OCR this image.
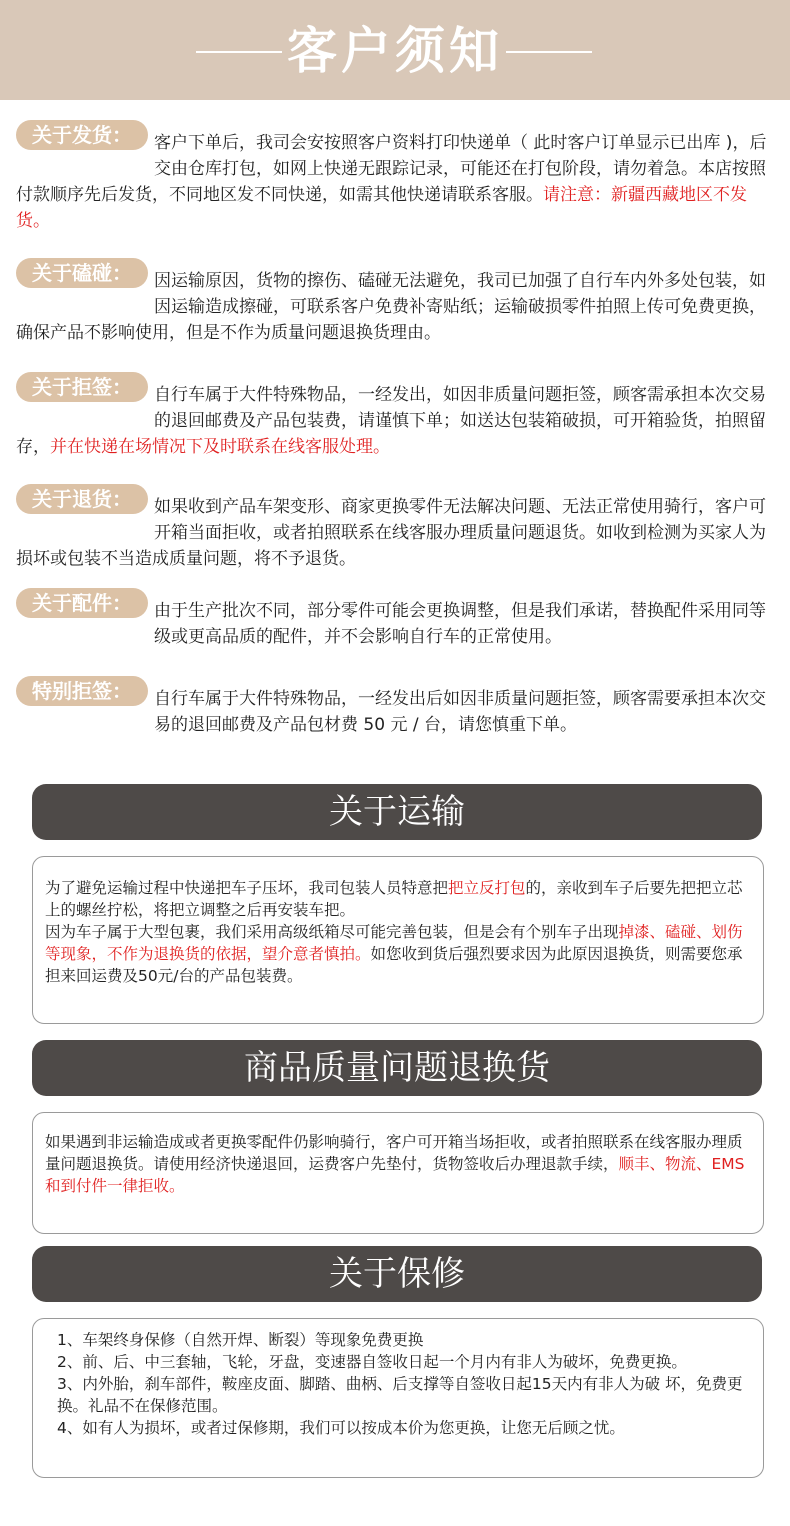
客户须知
关于发货：	客户下单后，我司会安按照客户资料打印快递单（ 此时客户订单显示已出库 )，后交由仓库打包，如网上快递无跟踪记录，可能还在打包阶段，请勿着急。本店按照付款顺序先后发货，不同地区发不同快递，如需其他快递请联系客服。请注意：新疆西藏地区不发货。
关于磕碰：	因运输原因，货物的擦伤、磕碰无法避免，我司已加强了自行车内外多处包装，如因运输造成擦碰，可联系客户免费补寄贴纸；运输破损零件拍照上传可免费更换，确保产品不影响使用，但是不作为质量问题退换货理由。
关于拒签：	自行车属于大件特殊物品，一经发出，如因非质量问题拒签，顾客需承担本次交易的退回邮费及产品包装费，请谨慎下单；如送达包装箱破损，可开箱验货，拍照留存，并在快递在场情况下及时联系在线客服处理。
关于退货：	如果收到产品车架变形、商家更换零件无法解决问题、无法正常使用骑行，客户可开箱当面拒收，或者拍照联系在线客服办理质量问题退货。如收到检测为买家人为损坏或包装不当造成质量问题，将不予退货。
关于配件：	由于生产批次不同，部分零件可能会更换调整，但是我们承诺，替换配件采用同等级或更高品质的配件，并不会影响自行车的正常使用。
特别拒签：	自行车属于大件特殊物品，一经发出后如因非质量问题拒签，顾客需要承担本次交易的退回邮费及产品包材费 50 元 / 台，请您慎重下单。
关于运输
为了避免运输过程中快递把车子压坏，我司包装人员特意把把立反打包的，亲收到车子后要先把把立芯上的螺丝拧松，将把立调整之后再安装车把。
因为车子属于大型包裹，我们采用高级纸箱尽可能完善包装，但是会有个别车子出现掉漆、磕碰、划伤等现象，不作为退换货的依据，望介意者慎拍。如您收到货后强烈要求因为此原因退换货，则需要您承担来回运费及50元/台的产品包装费。
商品质量问题退换货
如果遇到非运输造成或者更换零配件仍影响骑行，客户可开箱当场拒收，或者拍照联系在线客服办理质量问题退换货。请使用经济快递退回，运费客户先垫付，货物签收后办理退款手续，顺丰、物流、EMS和到付件一律拒收。
关于保修
1、车架终身保修（自然开焊、断裂）等现象免费更换
2、前、后、中三套轴，飞轮，牙盘，变速器自签收日起一个月内有非人为破坏，免费更换。
3、内外胎，刹车部件，鞍座皮面、脚踏、曲柄、后支撑等自签收日起15天内有非人为破 坏，免费更换。礼品不在保修范围。
4、如有人为损坏，或者过保修期，我们可以按成本价为您更换，让您无后顾之忧。
